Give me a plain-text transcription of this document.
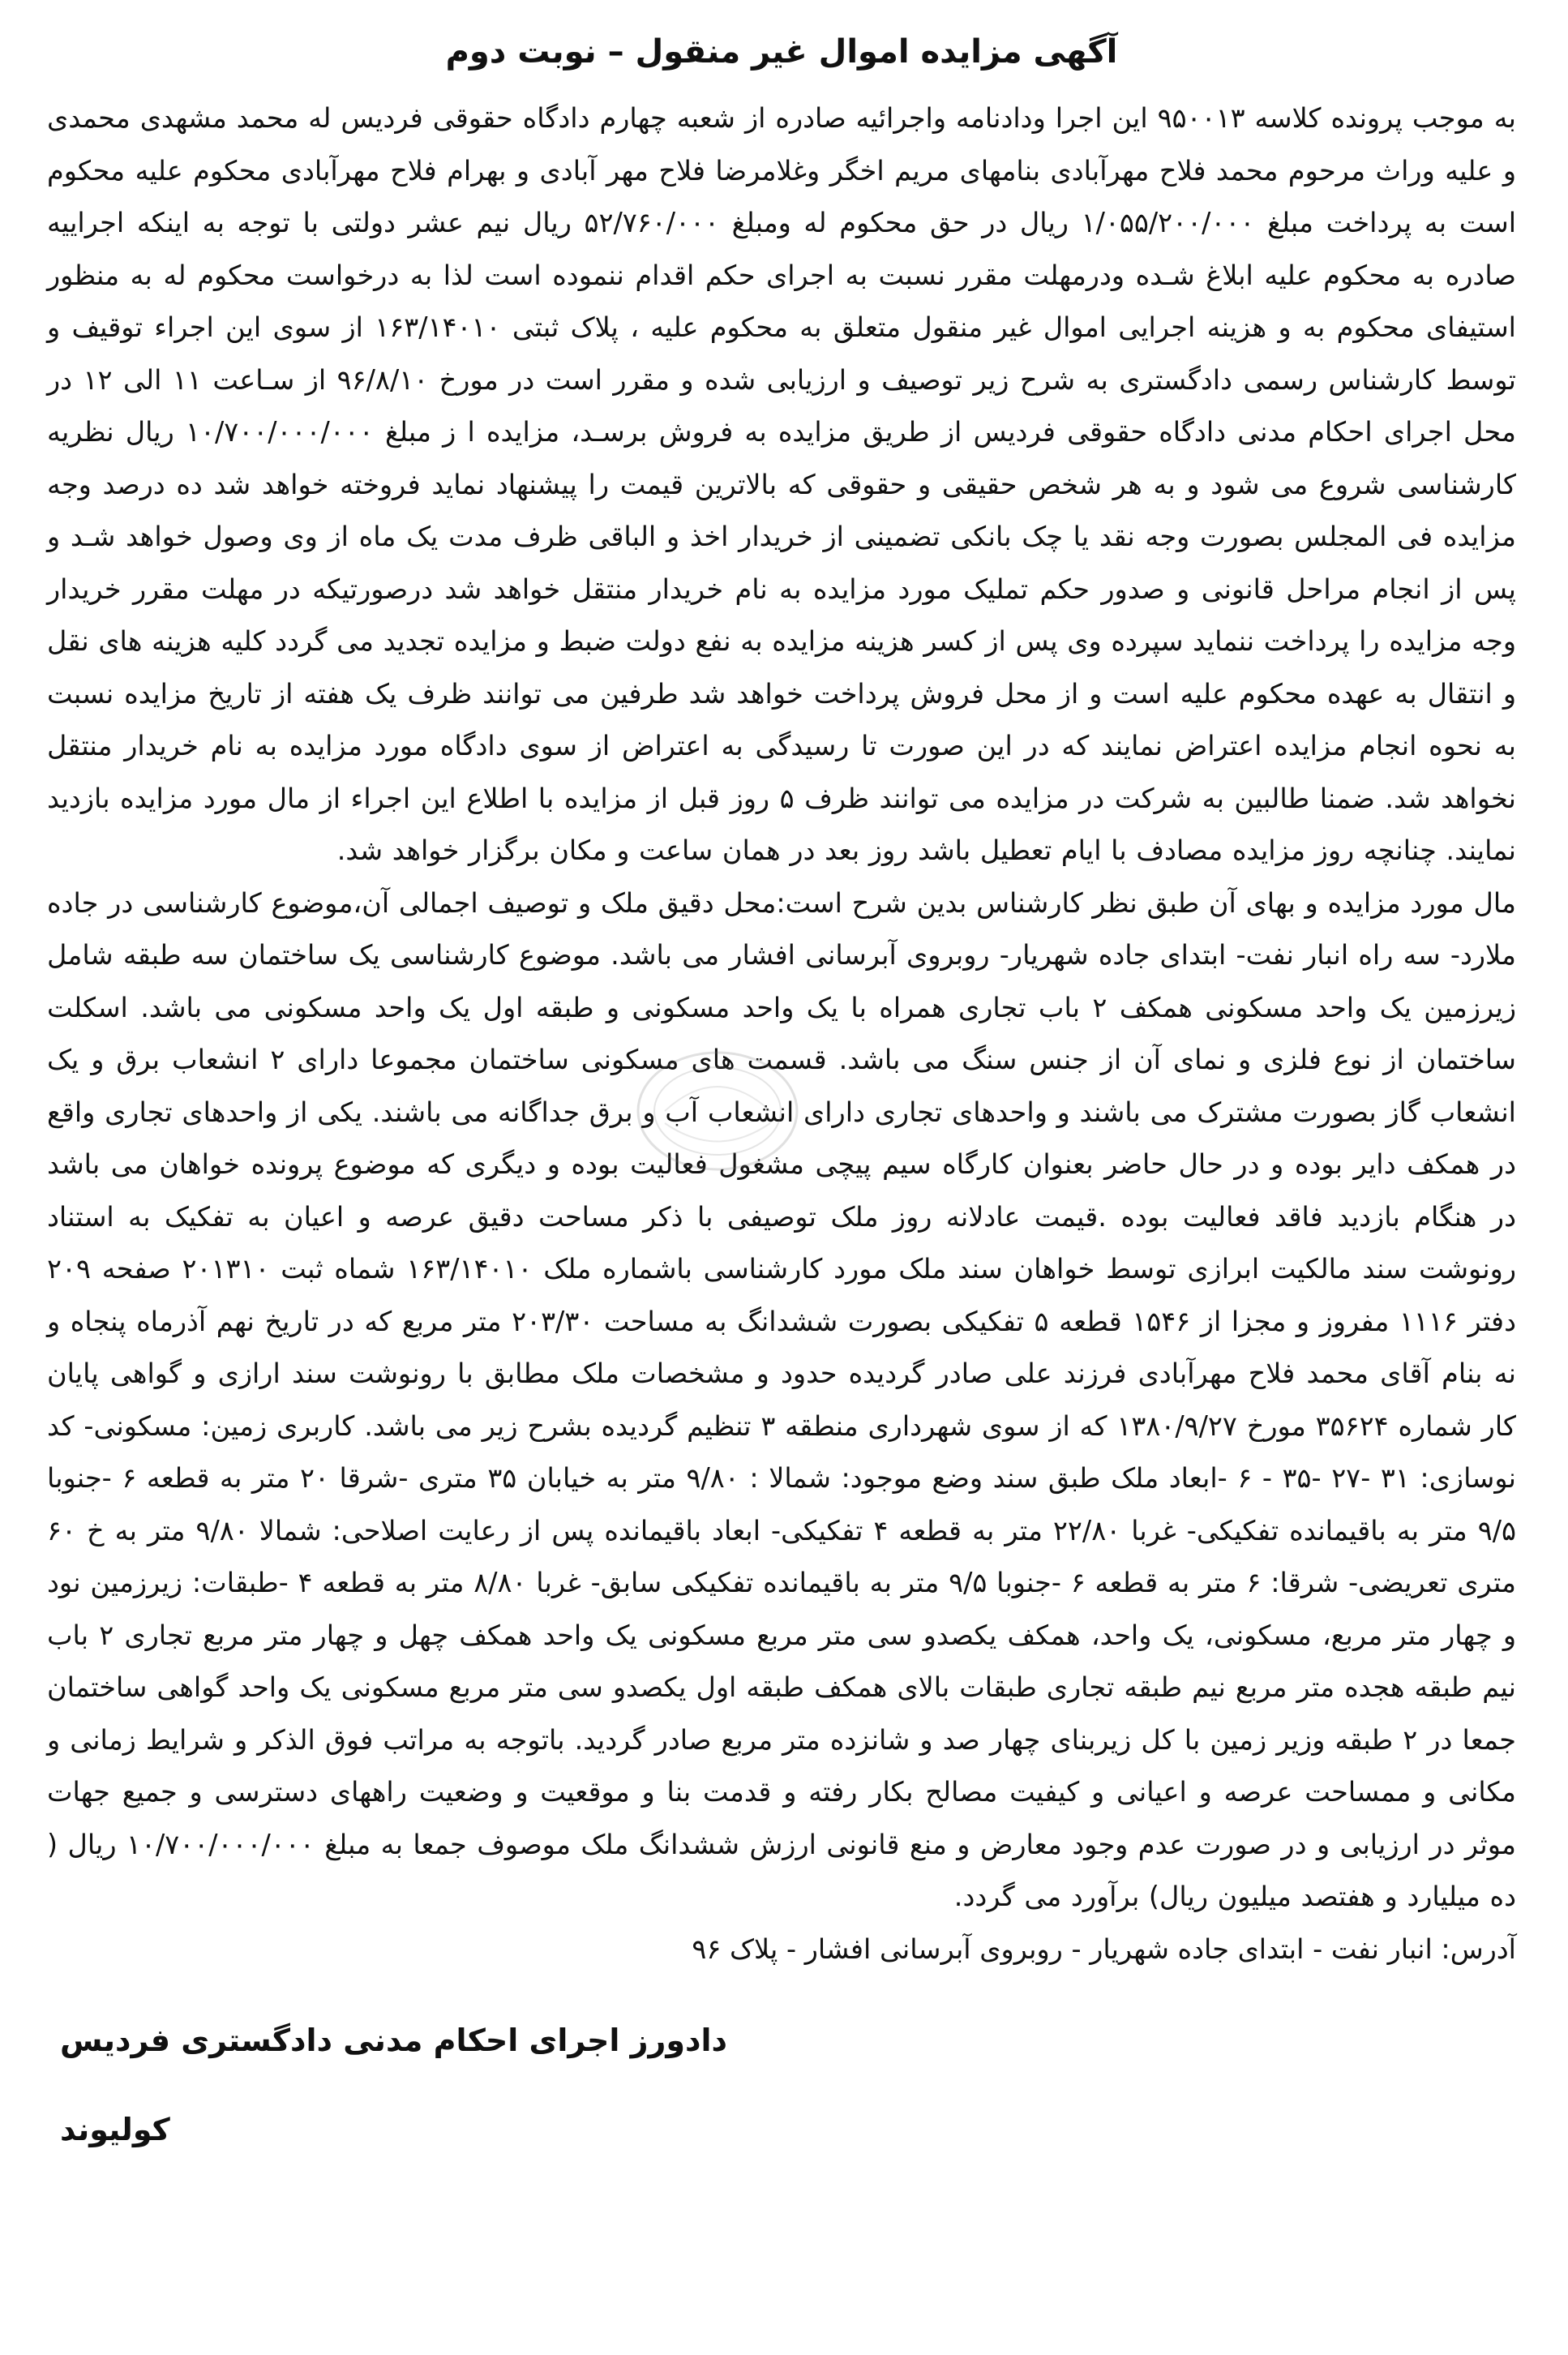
آگهی مزایده اموال غیر منقول – نوبت دوم

به موجب پرونده کلاسه ۹۵۰۰۱۳ این اجرا ودادنامه واجرائیه صادره از شعبه چهارم دادگاه حقوقی فردیس له محمد مشهدی محمدی و علیه وراث مرحوم محمد فلاح مهرآبادی بنامهای مریم اخگر وغلامرضا فلاح مهر آبادی و بهرام فلاح مهرآبادی محکوم علیه محکوم است به پرداخت مبلغ ۱/۰۵۵/۲۰۰/۰۰۰ ریال در حق محکوم له ومبلغ ۵۲/۷۶۰/۰۰۰ ریال نیم عشر دولتی با توجه به اینکه اجراییه صادره به محکوم علیه ابلاغ شـده ودرمهلت مقرر نسبت به اجرای حکم اقدام ننموده است لذا به درخواست محکوم له به منظور استیفای محکوم به و هزینه اجرایی اموال غیر منقول متعلق به محکوم علیه ، پلاک ثبتی ۱۶۳/۱۴۰۱۰ از سوی این اجراء توقیف و توسط کارشناس رسمی دادگستری به شرح زیر توصیف و ارزیابی شده و مقرر است در مورخ ۹۶/۸/۱۰ از سـاعت ۱۱ الی ۱۲ در محل اجرای احکام مدنی دادگاه حقوقی فردیس از طریق مزایده به فروش برسـد، مزایده ا ز مبلغ ۱۰/۷۰۰/۰۰۰/۰۰۰ ریال نظریه کارشناسی شروع می شود و به هر شخص حقیقی و حقوقی که بالاترین قیمت را پیشنهاد نماید فروخته خواهد شد ده درصد وجه مزایده فی المجلس بصورت وجه نقد یا چک بانکی تضمینی از خریدار اخذ و الباقی ظرف مدت یک ماه از وی وصول خواهد شـد و پس از انجام مراحل قانونی و صدور حکم تملیک مورد مزایده به نام خریدار منتقل خواهد شد درصورتیکه در مهلت مقرر خریدار وجه مزایده را پرداخت ننماید سپرده وی پس از کسر هزینه مزایده به نفع دولت ضبط و مزایده تجدید می گردد کلیه هزینه های نقل و انتقال به عهده محکوم علیه است و از محل فروش پرداخت خواهد شد طرفین می توانند ظرف یک هفته از تاریخ مزایده نسبت به نحوه انجام مزایده اعتراض نمایند که در این صورت تا رسیدگی به اعتراض از سوی دادگاه مورد مزایده به نام خریدار منتقل نخواهد شد. ضمنا طالبین به شرکت در مزایده می توانند ظرف ۵ روز قبل از مزایده با اطلاع این اجراء از مال مورد مزایده بازدید نمایند. چنانچه روز مزایده مصادف با ایام تعطیل باشد روز بعد در همان ساعت و مکان برگزار خواهد شد.

مال مورد مزایده و بهای آن طبق نظر کارشناس بدین شرح است:محل دقیق ملک و توصیف اجمالی آن،موضوع کارشناسی در جاده ملارد- سه راه انبار نفت- ابتدای جاده شهریار- روبروی آبرسانی افشار می باشد. موضوع کارشناسی یک ساختمان سه طبقه شامل زیرزمین یک واحد مسکونی همکف ۲ باب تجاری همراه با یک واحد مسکونی و طبقه اول یک واحد مسکونی می باشد. اسکلت ساختمان از نوع فلزی و نمای آن از جنس سنگ می باشد. قسمت های مسکونی ساختمان مجموعا دارای ۲ انشعاب برق و یک انشعاب گاز بصورت مشترک می باشند و واحدهای تجاری دارای انشعاب آب و برق جداگانه می باشند. یکی از واحدهای تجاری واقع در همکف دایر بوده و در حال حاضر بعنوان کارگاه سیم پیچی مشغول فعالیت بوده و دیگری که موضوع پرونده خواهان می باشد در هنگام بازدید فاقد فعالیت بوده .قیمت عادلانه روز ملک توصیفی با ذکر مساحت دقیق عرصه و اعیان به تفکیک به استناد رونوشت سند مالکیت ابرازی توسط خواهان سند ملک مورد کارشناسی باشماره ملک ۱۶۳/۱۴۰۱۰ شماه ثبت ۲۰۱۳۱۰ صفحه ۲۰۹ دفتر ۱۱۱۶ مفروز و مجزا از ۱۵۴۶ قطعه ۵ تفکیکی بصورت ششدانگ به مساحت ۲۰۳/۳۰ متر مربع که در تاریخ نهم آذرماه پنجاه و نه بنام آقای محمد فلاح مهرآبادی فرزند علی صادر گردیده حدود و مشخصات ملک مطابق با رونوشت سند ارازی و گواهی پایان کار شماره ۳۵۶۲۴ مورخ ۱۳۸۰/۹/۲۷ که از سوی شهرداری منطقه ۳ تنظیم گردیده بشرح زیر می باشد. کاربری زمین: مسکونی- کد نوسازی: ۳۱ -۲۷ -۳۵ - ۶ -ابعاد ملک طبق سند وضع موجود: شمالا : ۹/۸۰ متر به خیابان ۳۵ متری -شرقا ۲۰ متر به قطعه ۶ -جنوبا ۹/۵ متر به باقیمانده تفکیکی- غربا ۲۲/۸۰ متر به قطعه ۴ تفکیکی- ابعاد باقیمانده پس از رعایت اصلاحی: شمالا ۹/۸۰ متر به خ ۶۰ متری تعریضی- شرقا: ۶ متر به قطعه ۶ -جنوبا ۹/۵ متر به باقیمانده تفکیکی سابق- غربا ۸/۸۰ متر به قطعه ۴ -طبقات: زیرزمین نود و چهار متر مربع، مسکونی، یک واحد، همکف یکصدو سی متر مربع مسکونی یک واحد همکف چهل و چهار متر مربع تجاری ۲ باب نیم طبقه هجده متر مربع نیم طبقه تجاری طبقات بالای همکف طبقه اول یکصدو سی متر مربع مسکونی یک واحد گواهی ساختمان جمعا در ۲ طبقه وزیر زمین با کل زیربنای چهار صد و شانزده متر مربع صادر گردید. باتوجه به مراتب فوق الذکر و شرایط زمانی و مکانی و ممساحت عرصه و اعیانی و کیفیت مصالح بکار رفته و قدمت بنا و موقعیت و وضعیت راههای دسترسی و جمیع جهات موثر در ارزیابی و در صورت عدم وجود معارض و منع قانونی ارزش ششدانگ ملک موصوف جمعا به مبلغ ۱۰/۷۰۰/۰۰۰/۰۰۰ ریال ( ده میلیارد و هفتصد میلیون ریال) برآورد می گردد.

آدرس: انبار نفت - ابتدای جاده شهریار - روبروی آبرسانی افشار - پلاک ۹۶

دادورز اجرای احکام مدنی دادگستری فردیس
کولیوند
